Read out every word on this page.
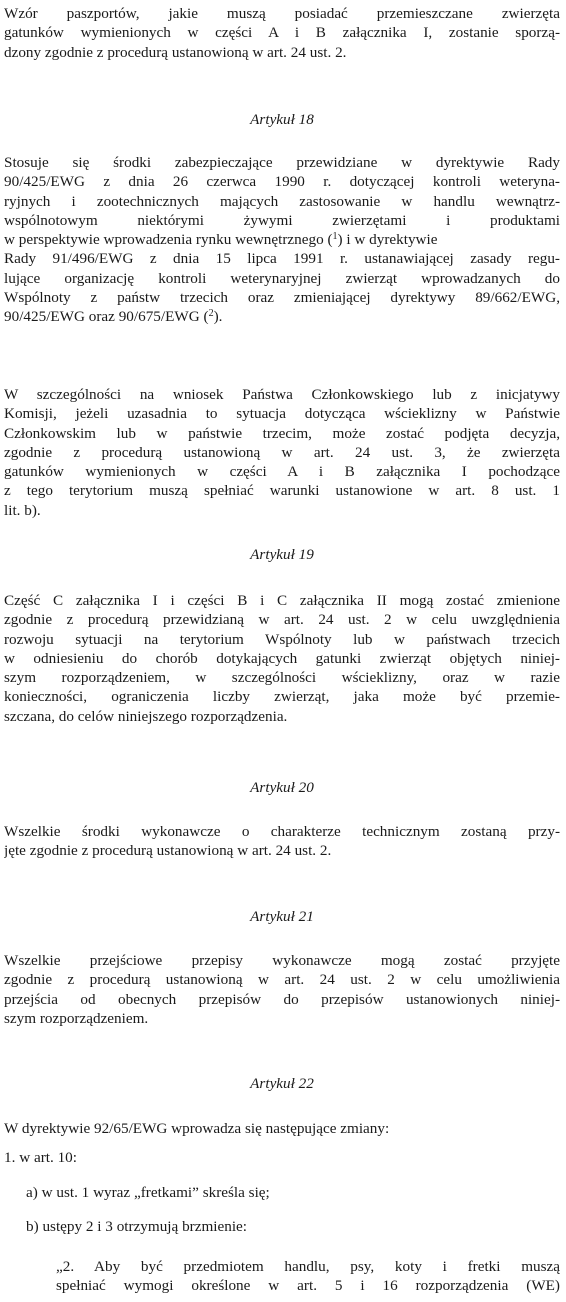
Wzór paszportów, jakie muszą posiadać przemieszczane zwierzęta
gatunków wymienionych w części A i B załącznika I, zostanie sporzą-
dzony zgodnie z procedurą ustanowioną w art. 24 ust. 2.
Artykuł 18
Stosuje się środki zabezpieczające przewidziane w dyrektywie Rady
90/425/EWG z dnia 26 czerwca 1990 r. dotyczącej kontroli weteryna-
ryjnych i zootechnicznych mających zastosowanie w handlu wewnątrz-
wspólnotowym niektórymi żywymi zwierzętami i produktami
w perspektywie wprowadzenia rynku wewnętrznego ($^1$) i w dyrektywie
Rady 91/496/EWG z dnia 15 lipca 1991 r. ustanawiającej zasady regu-
lujące organizację kontroli weterynaryjnej zwierząt wprowadzanych do
Wspólnoty z państw trzecich oraz zmieniającej dyrektywy 89/662/EWG,
90/425/EWG oraz 90/675/EWG ($^2$).
W szczególności na wniosek Państwa Członkowskiego lub z inicjatywy
Komisji, jeżeli uzasadnia to sytuacja dotycząca wścieklizny w Państwie
Członkowskim lub w państwie trzecim, może zostać podjęta decyzja,
zgodnie z procedurą ustanowioną w art. 24 ust. 3, że zwierzęta
gatunków wymienionych w części A i B załącznika I pochodzące
z tego terytorium muszą spełniać warunki ustanowione w art. 8 ust. 1
lit. b).
Artykuł 19
Część C załącznika I i części B i C załącznika II mogą zostać zmienione
zgodnie z procedurą przewidzianą w art. 24 ust. 2 w celu uwzględnienia
rozwoju sytuacji na terytorium Wspólnoty lub w państwach trzecich
w odniesieniu do chorób dotykających gatunki zwierząt objętych niniej-
szym rozporządzeniem, w szczególności wścieklizny, oraz w razie
konieczności, ograniczenia liczby zwierząt, jaka może być przemie-
szczana, do celów niniejszego rozporządzenia.
Artykuł 20
Wszelkie środki wykonawcze o charakterze technicznym zostaną przy-
jęte zgodnie z procedurą ustanowioną w art. 24 ust. 2.
Artykuł 21
Wszelkie przejściowe przepisy wykonawcze mogą zostać przyjęte
zgodnie z procedurą ustanowioną w art. 24 ust. 2 w celu umożliwienia
przejścia od obecnych przepisów do przepisów ustanowionych niniej-
szym rozporządzeniem.
Artykuł 22
W dyrektywie 92/65/EWG wprowadza się następujące zmiany:
1. w art. 10:
a) w ust. 1 wyraz „fretkami” skreśla się;
b) ustępy 2 i 3 otrzymują brzmienie:
„2. Aby być przedmiotem handlu, psy, koty i fretki muszą
spełniać wymogi określone w art. 5 i 16 rozporządzenia (WE)
